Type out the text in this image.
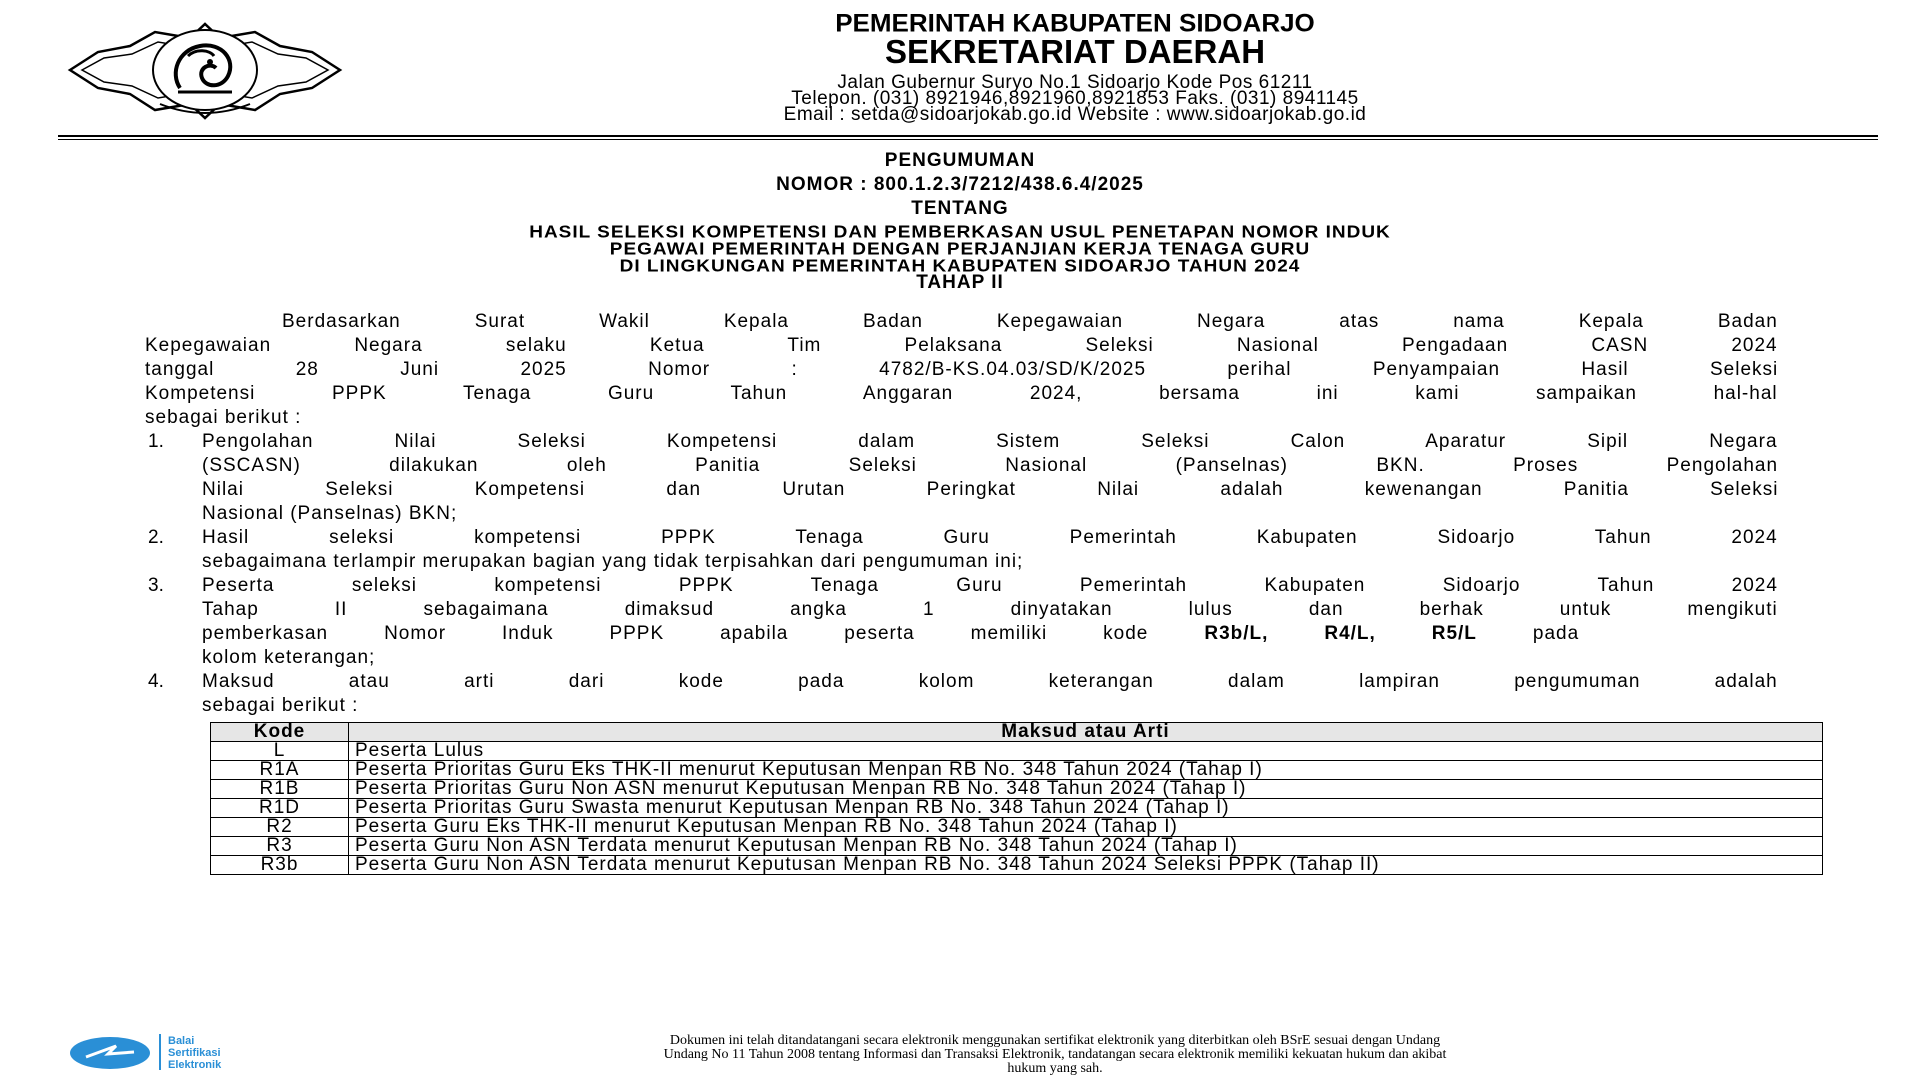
PEMERINTAH KABUPATEN SIDOARJO
SEKRETARIAT DAERAH
Jalan Gubernur Suryo No.1 Sidoarjo Kode Pos 61211
Telepon. (031) 8921946,8921960,8921853 Faks. (031) 8941145
Email : setda@sidoarjokab.go.id Website : www.sidoarjokab.go.id
PENGUMUMAN
NOMOR : 800.1.2.3/7212/438.6.4/2025
TENTANG
HASIL SELEKSI KOMPETENSI DAN PEMBERKASAN USUL PENETAPAN NOMOR INDUK
PEGAWAI PEMERINTAH DENGAN PERJANJIAN KERJA TENAGA GURU
DI LINGKUNGAN PEMERINTAH KABUPATEN SIDOARJO TAHUN 2024
TAHAP II
Berdasarkan Surat Wakil Kepala Badan Kepegawaian Negara atas nama Kepala Badan
Kepegawaian Negara selaku Ketua Tim Pelaksana Seleksi Nasional Pengadaan CASN 2024
tanggal 28 Juni 2025 Nomor : 4782/B-KS.04.03/SD/K/2025 perihal Penyampaian Hasil Seleksi
Kompetensi PPPK Tenaga Guru Tahun Anggaran 2024, bersama ini kami sampaikan hal-hal
sebagai berikut :
1. Pengolahan Nilai Seleksi Kompetensi dalam Sistem Seleksi Calon Aparatur Sipil Negara
(SSCASN) dilakukan oleh Panitia Seleksi Nasional (Panselnas) BKN. Proses Pengolahan
Nilai Seleksi Kompetensi dan Urutan Peringkat Nilai adalah kewenangan Panitia Seleksi
Nasional (Panselnas) BKN;
2. Hasil seleksi kompetensi PPPK Tenaga Guru Pemerintah Kabupaten Sidoarjo Tahun 2024
sebagaimana terlampir merupakan bagian yang tidak terpisahkan dari pengumuman ini;
3. Peserta seleksi kompetensi PPPK Tenaga Guru Pemerintah Kabupaten Sidoarjo Tahun 2024
Tahap II sebagaimana dimaksud angka 1 dinyatakan lulus dan berhak untuk mengikuti
pemberkasan Nomor Induk PPPK apabila peserta memiliki kode	R3b/L, R4/L, R5/L	pada
kolom keterangan;
4. Maksud atau arti dari kode pada kolom keterangan dalam lampiran pengumuman adalah
sebagai berikut :
Kode	Maksud atau Arti
L	Peserta Lulus
R1A	Peserta Prioritas Guru Eks THK-II menurut Keputusan Menpan RB No. 348 Tahun 2024 (Tahap I)
R1B	Peserta Prioritas Guru Non ASN menurut Keputusan Menpan RB No. 348 Tahun 2024 (Tahap I)
R1D	Peserta Prioritas Guru Swasta menurut Keputusan Menpan RB No. 348 Tahun 2024 (Tahap I)
R2	Peserta Guru Eks THK-II menurut Keputusan Menpan RB No. 348 Tahun 2024 (Tahap I)
R3	Peserta Guru Non ASN Terdata menurut Keputusan Menpan RB No. 348 Tahun 2024 (Tahap I)
R3b	Peserta Guru Non ASN Terdata menurut Keputusan Menpan RB No. 348 Tahun 2024 Seleksi PPPK (Tahap II)
Balai
Sertifikasi
Elektronik
Dokumen ini telah ditandatangani secara elektronik menggunakan sertifikat elektronik yang diterbitkan oleh BSrE sesuai dengan Undang
Undang No 11 Tahun 2008 tentang Informasi dan Transaksi Elektronik, tandatangan secara elektronik memiliki kekuatan hukum dan akibat
hukum yang sah.
